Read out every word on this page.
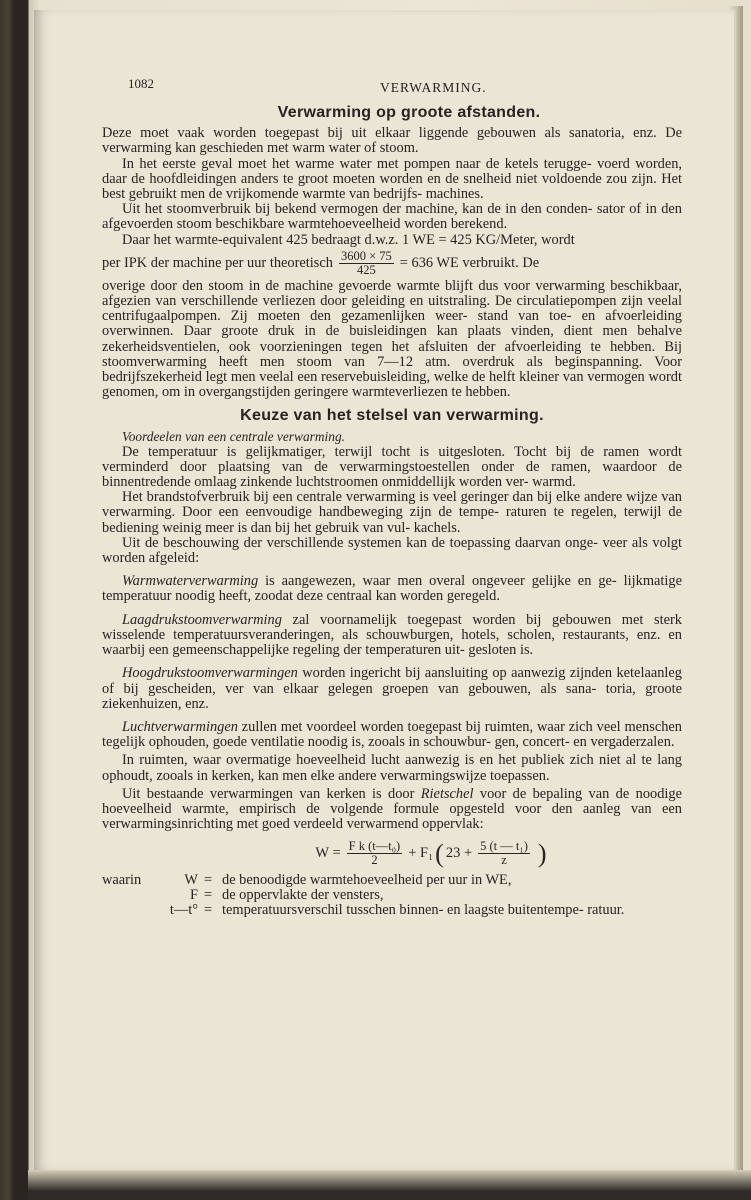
1082	VERWARMING.
Verwarming op groote afstanden.

Deze moet vaak worden toegepast bij uit elkaar liggende gebouwen als sanatoria, enz. De verwarming kan geschieden met warm water of stoom.

In het eerste geval moet het warme water met pompen naar de ketels terugge- voerd worden, daar de hoofdleidingen anders te groot moeten worden en de snelheid niet voldoende zou zijn. Het best gebruikt men de vrijkomende warmte van bedrijfs- machines.

Uit het stoomverbruik bij bekend vermogen der machine, kan de in den conden- sator of in den afgevoerden stoom beschikbare warmtehoeveelheid worden berekend.

Daar het warmte-equivalent 425 bedraagt d.w.z. 1 WE = 425 KG/Meter, wordt

per IPK der machine per uur theoretisch $\frac{3600 \times 75}{425} = 636$ WE verbruikt. De

overige door den stoom in de machine gevoerde warmte blijft dus voor verwarming beschikbaar, afgezien van verschillende verliezen door geleiding en uitstraling. De circulatiepompen zijn veelal centrifugaalpompen. Zij moeten den gezamenlijken weer- stand van toe- en afvoerleiding overwinnen. Daar groote druk in de buisleidingen kan plaats vinden, dient men behalve zekerheidsventielen, ook voorzieningen tegen het afsluiten der afvoerleiding te hebben. Bij stoomverwarming heeft men stoom van 7—12 atm. overdruk als beginspanning. Voor bedrijfszekerheid legt men veelal een reservebuisleiding, welke de helft kleiner van vermogen wordt genomen, om in overgangstijden geringere warmteverliezen te hebben.

Keuze van het stelsel van verwarming.

Voordeelen van een centrale verwarming.

De temperatuur is gelijkmatiger, terwijl tocht is uitgesloten. Tocht bij de ramen wordt verminderd door plaatsing van de verwarmingstoestellen onder de ramen, waardoor de binnentredende omlaag zinkende luchtstroomen onmiddellijk worden ver- warmd.

Het brandstofverbruik bij een centrale verwarming is veel geringer dan bij elke andere wijze van verwarming. Door een eenvoudige handbeweging zijn de tempe- raturen te regelen, terwijl de bediening weinig meer is dan bij het gebruik van vul- kachels.

Uit de beschouwing der verschillende systemen kan de toepassing daarvan onge- veer als volgt worden afgeleid:

Warmwaterverwarming is aangewezen, waar men overal ongeveer gelijke en ge- lijkmatige temperatuur noodig heeft, zoodat deze centraal kan worden geregeld.

Laagdrukstoomverwarming zal voornamelijk toegepast worden bij gebouwen met sterk wisselende temperatuursveranderingen, als schouwburgen, hotels, scholen, restaurants, enz. en waarbij een gemeenschappelijke regeling der temperaturen uit- gesloten is.

Hoogdrukstoomverwarmingen worden ingericht bij aansluiting op aanwezig zijnden ketelaanleg of bij gescheiden, ver van elkaar gelegen groepen van gebouwen, als sana- toria, groote ziekenhuizen, enz.

Luchtverwarmingen zullen met voordeel worden toegepast bij ruimten, waar zich veel menschen tegelijk ophouden, goede ventilatie noodig is, zooals in schouwbur- gen, concert- en vergaderzalen.

In ruimten, waar overmatige hoeveelheid lucht aanwezig is en het publiek zich niet al te lang ophoudt, zooals in kerken, kan men elke andere verwarmingswijze toepassen.

Uit bestaande verwarmingen van kerken is door Rietschel voor de bepaling van de noodige hoeveelheid warmte, empirisch de volgende formule opgesteld voor den aanleg van een verwarmingsinrichting met goed verdeeld verwarmend oppervlak:

$W = \frac{\text{F k (t—t₀)}}{2} + F_1$ ( $23 + \frac{\text{5 (t — t₁)}}{z}$ )
waarin	W = de benoodigde warmtehoeveelheid per uur in WE,
F = de oppervlakte der vensters,
t—t° = temperatuursverschil tusschen binnen- en laagste buitentempe- ratuur.
